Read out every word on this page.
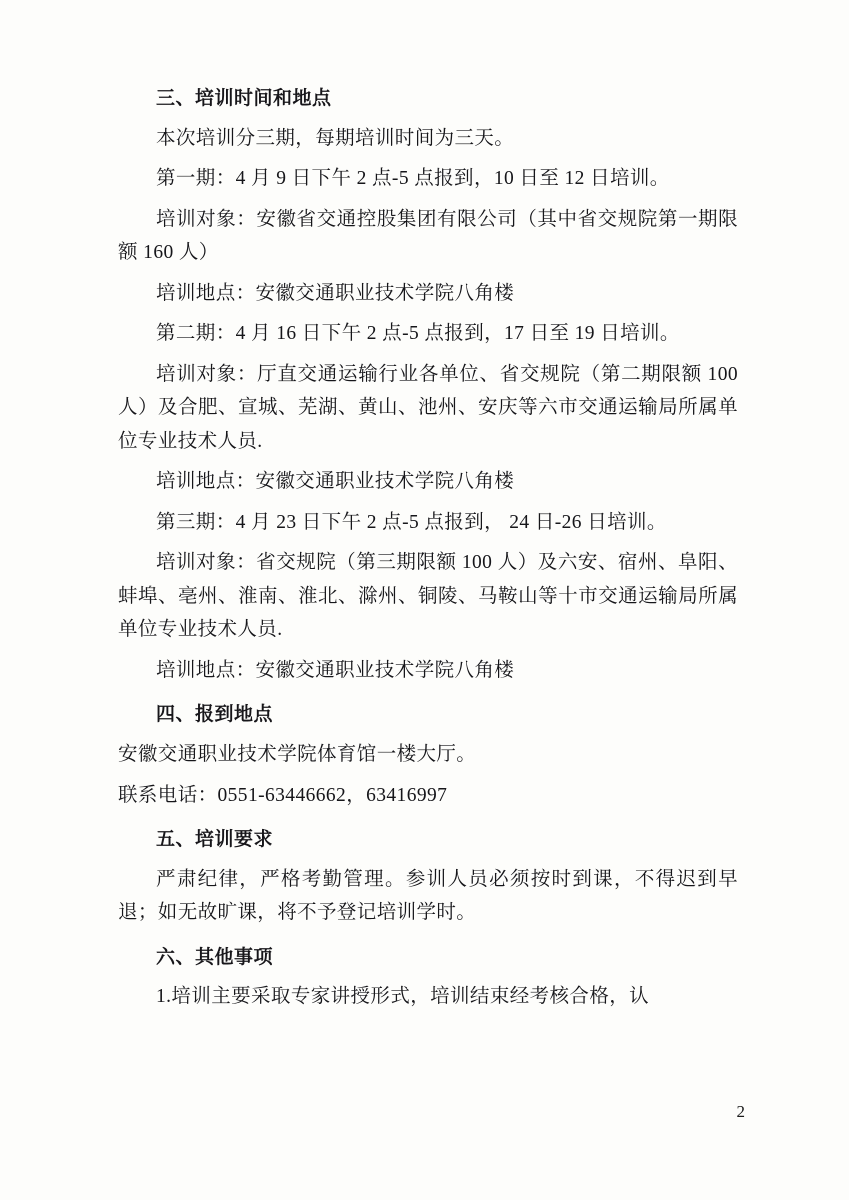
三、培训时间和地点

本次培训分三期，每期培训时间为三天。

第一期：4 月 9 日下午 2 点-5 点报到，10 日至 12 日培训。

培训对象：安徽省交通控股集团有限公司（其中省交规院第一期限额 160 人）

培训地点：安徽交通职业技术学院八角楼

第二期：4 月 16 日下午 2 点-5 点报到，17 日至 19 日培训。

培训对象：厅直交通运输行业各单位、省交规院（第二期限额 100 人）及合肥、宣城、芜湖、黄山、池州、安庆等六市交通运输局所属单位专业技术人员.

培训地点：安徽交通职业技术学院八角楼

第三期：4 月 23 日下午 2 点-5 点报到， 24 日-26 日培训。

培训对象：省交规院（第三期限额 100 人）及六安、宿州、阜阳、蚌埠、亳州、淮南、淮北、滁州、铜陵、马鞍山等十市交通运输局所属单位专业技术人员.

培训地点：安徽交通职业技术学院八角楼

四、报到地点

安徽交通职业技术学院体育馆一楼大厅。

联系电话：0551-63446662，63416997

五、培训要求

严肃纪律，严格考勤管理。参训人员必须按时到课，不得迟到早退；如无故旷课，将不予登记培训学时。

六、其他事项

1.培训主要采取专家讲授形式，培训结束经考核合格，认

2
